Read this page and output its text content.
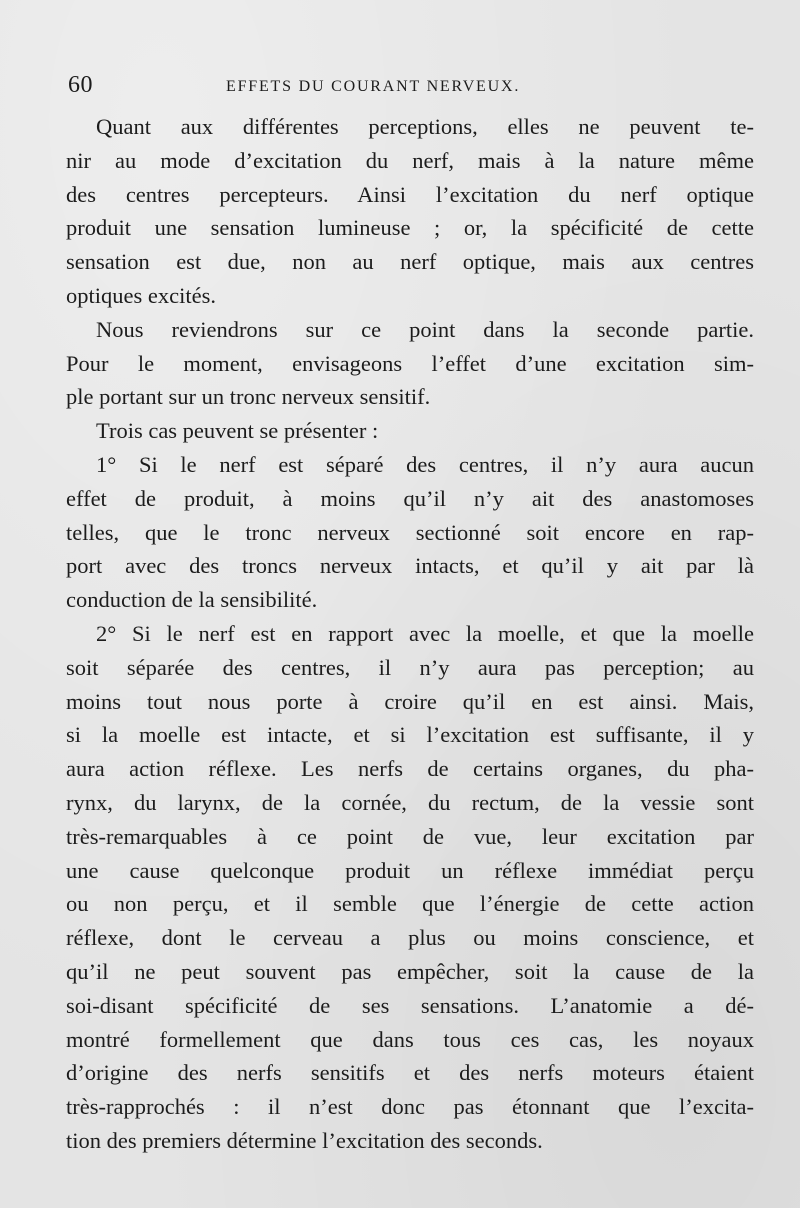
60	EFFETS DU COURANT NERVEUX.
Quant aux différentes perceptions, elles ne peuvent te-
nir au mode d’excitation du nerf, mais à la nature même
des centres percepteurs. Ainsi l’excitation du nerf optique
produit une sensation lumineuse ; or, la spécificité de cette
sensation est due, non au nerf optique, mais aux centres
optiques excités.
Nous reviendrons sur ce point dans la seconde partie.
Pour le moment, envisageons l’effet d’une excitation sim-
ple portant sur un tronc nerveux sensitif.
Trois cas peuvent se présenter :
1° Si le nerf est séparé des centres, il n’y aura aucun
effet de produit, à moins qu’il n’y ait des anastomoses
telles, que le tronc nerveux sectionné soit encore en rap-
port avec des troncs nerveux intacts, et qu’il y ait par là
conduction de la sensibilité.
2° Si le nerf est en rapport avec la moelle, et que la moelle
soit séparée des centres, il n’y aura pas perception; au
moins tout nous porte à croire qu’il en est ainsi. Mais,
si la moelle est intacte, et si l’excitation est suffisante, il y
aura action réflexe. Les nerfs de certains organes, du pha-
rynx, du larynx, de la cornée, du rectum, de la vessie sont
très-remarquables à ce point de vue, leur excitation par
une cause quelconque produit un réflexe immédiat perçu
ou non perçu, et il semble que l’énergie de cette action
réflexe, dont le cerveau a plus ou moins conscience, et
qu’il ne peut souvent pas empêcher, soit la cause de la
soi-disant spécificité de ses sensations. L’anatomie a dé-
montré formellement que dans tous ces cas, les noyaux
d’origine des nerfs sensitifs et des nerfs moteurs étaient
très-rapprochés : il n’est donc pas étonnant que l’excita-
tion des premiers détermine l’excitation des seconds.
